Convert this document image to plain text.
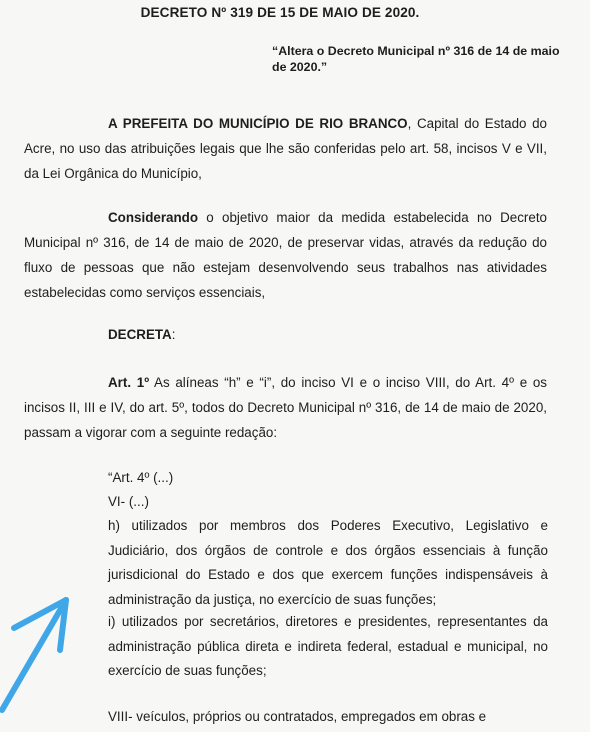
DECRETO Nº 319 DE 15 DE MAIO DE 2020.
“Altera o Decreto Municipal nº 316 de 14 de maio de 2020.”
A PREFEITA DO MUNICÍPIO DE RIO BRANCO, Capital do Estado do Acre, no uso das atribuições legais que lhe são conferidas pelo art. 58, incisos V e VII, da Lei Orgânica do Município,
Considerando o objetivo maior da medida estabelecida no Decreto Municipal nº 316, de 14 de maio de 2020, de preservar vidas, através da redução do fluxo de pessoas que não estejam desenvolvendo seus trabalhos nas atividades estabelecidas como serviços essenciais,
DECRETA:
Art. 1º As alíneas “h” e “i”, do inciso VI e o inciso VIII, do Art. 4º e os incisos II, III e IV, do art. 5º, todos do Decreto Municipal nº 316, de 14 de maio de 2020, passam a vigorar com a seguinte redação:
“Art. 4º (...)
VI- (...)
h) utilizados por membros dos Poderes Executivo, Legislativo e Judiciário, dos órgãos de controle e dos órgãos essenciais à função jurisdicional do Estado e dos que exercem funções indispensáveis à administração da justiça, no exercício de suas funções;
i) utilizados por secretários, diretores e presidentes, representantes da administração pública direta e indireta federal, estadual e municipal, no exercício de suas funções;
VIII- veículos, próprios ou contratados, empregados em obras e
